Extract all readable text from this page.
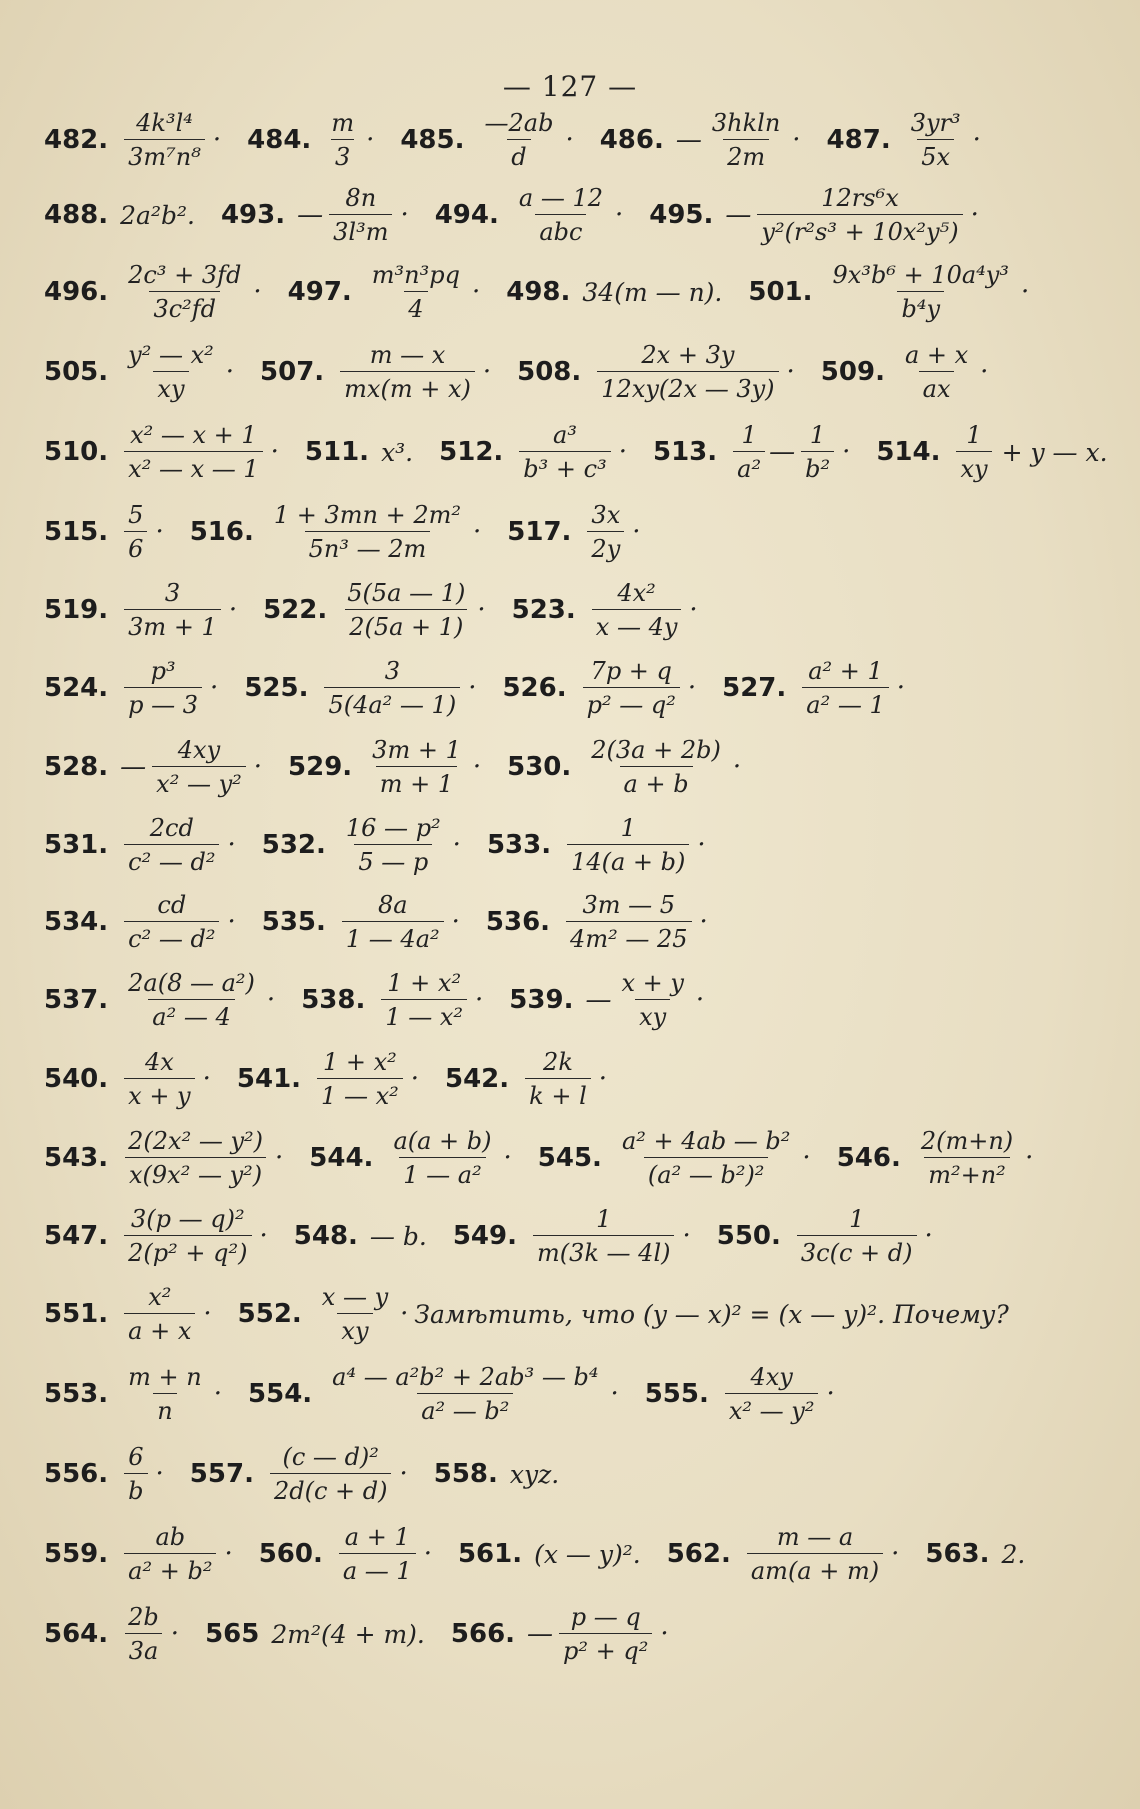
— 127 —
482. $\frac{\text{4k³l⁴}}{\text{3m⁷n⁸}} \cdot 484$. $\frac{m}{3} \cdot 485$. $\frac{—2ab}{d} \cdot 486$. — $\frac{3hkln}{2m} \cdot 487$. $\frac{\text{3yr³}}{5x}$ ·
488. 2a²b². 493. — $\frac{8n}{\text{3l³m}} \cdot 494$. $\frac{a — 12}{\text{abc}} \cdot 495$. — $\frac{\text{12rs⁶x}}{\text{y²(r²s³ + 10x²y⁵)}}$ ·
496. $\frac{\text{2c³ + 3fd}}{\text{3c²fd}} \cdot 497$. $\frac{\text{m³n³pq}}{4} \cdot 498$. 34(m — n). 501. $\frac{\text{9x³b⁶ + 10a⁴y³}}{\text{b⁴y}}$ ·
505. $\frac{\text{y² — x²}}{xy} \cdot 507$. $\frac{m — x}{mx(m + x)} \cdot 508$. $\frac{2x + 3y}{12xy(2x — 3y)} \cdot 509$. $\frac{a + x}{ax}$ ·
510. $\frac{\text{x² — x + 1}}{\text{x² — x — 1}} \cdot 511$. x³. 512. $\frac{\text{a³}}{\text{b³ + c³}} \cdot 513$. $\frac{1}{\text{a²}}$ — $\frac{1}{\text{b²}} \cdot 514$. $\frac{1}{xy} + y$ — x.
515. $\frac{5}{6} \cdot 516$. $\frac{\text{1 + 3mn + 2m²}}{\text{5n³ — 2m}} \cdot 517$. $\frac{3x}{2y}$ ·
519. $\frac{3}{3m + 1} \cdot 522$. $\frac{5(5a — 1)}{2(5a + 1)} \cdot 523$. $\frac{\text{4x²}}{x — 4y}$ ·
524. $\frac{\text{p³}}{p — 3} \cdot 525$. $\frac{3}{\text{5(4a² — 1)}} \cdot 526$. $\frac{7p + q}{\text{p² — q²}} \cdot 527$. $\frac{\text{a² + 1}}{\text{a² — 1}}$ ·
528. — $\frac{4xy}{\text{x² — y²}} \cdot 529$. $\frac{3m + 1}{m + 1} \cdot 530$. $\frac{2(3a + 2b)}{a + b}$ ·
531. $\frac{2cd}{\text{c² — d²}} \cdot 532$. $\frac{\text{16 — p²}}{5 — p} \cdot 533$. $\frac{1}{14(a + b)}$ ·
534. $\frac{cd}{\text{c² — d²}} \cdot 535$. $\frac{8a}{\text{1 — 4a²}} \cdot 536$. $\frac{3m — 5}{\text{4m² — 25}}$ ·
537. $\frac{\text{2a(8 — a²)}}{\text{a² — 4}} \cdot 538$. $\frac{\text{1 + x²}}{\text{1 — x²}} \cdot 539$. — $\frac{x + y}{xy}$ ·
540. $\frac{4x}{x + y} \cdot 541$. $\frac{\text{1 + x²}}{\text{1 — x²}} \cdot 542$. $\frac{2k}{k + l}$ ·
543. $\frac{\text{2(2x² — y²)}}{\text{x(9x² — y²)}} \cdot 544$. $\frac{a(a + b)}{\text{1 — a²}} \cdot 545$. $\frac{\text{a² + 4ab — b²}}{\text{(a² — b²)²}} \cdot 546$. $\frac{2(m+n)}{\text{m²+n²}}$ ·
547. $\frac{\text{3(p — q)²}}{\text{2(p² + q²)}} \cdot 548$. — b. 549. $\frac{1}{m(3k — 4l)} \cdot 550$. $\frac{1}{3c(c + d)}$ ·
551. $\frac{\text{x²}}{a + x} \cdot 552$. $\frac{x — y}{xy}$ · Замѣтить, что (y — x)² = (x — y)². Почему?
553. $\frac{m + n}{n} \cdot 554$. $\frac{\text{a⁴ — a²b² + 2ab³ — b⁴}}{\text{a² — b²}} \cdot 555$. $\frac{4xy}{\text{x² — y²}}$ ·
556. $\frac{6}{b} \cdot 557$. $\frac{\text{(c — d)²}}{2d(c + d)} \cdot 558$. xyz.
559. $\frac{ab}{\text{a² + b²}} \cdot 560$. $\frac{a + 1}{a — 1} \cdot 561$. (x — y)². 562. $\frac{m — a}{am(a + m)} \cdot 563$. 2.
564. $\frac{2b}{3a} \cdot 565$ 2m²(4 + m). 566. — $\frac{p — q}{\text{p² + q²}}$ ·
